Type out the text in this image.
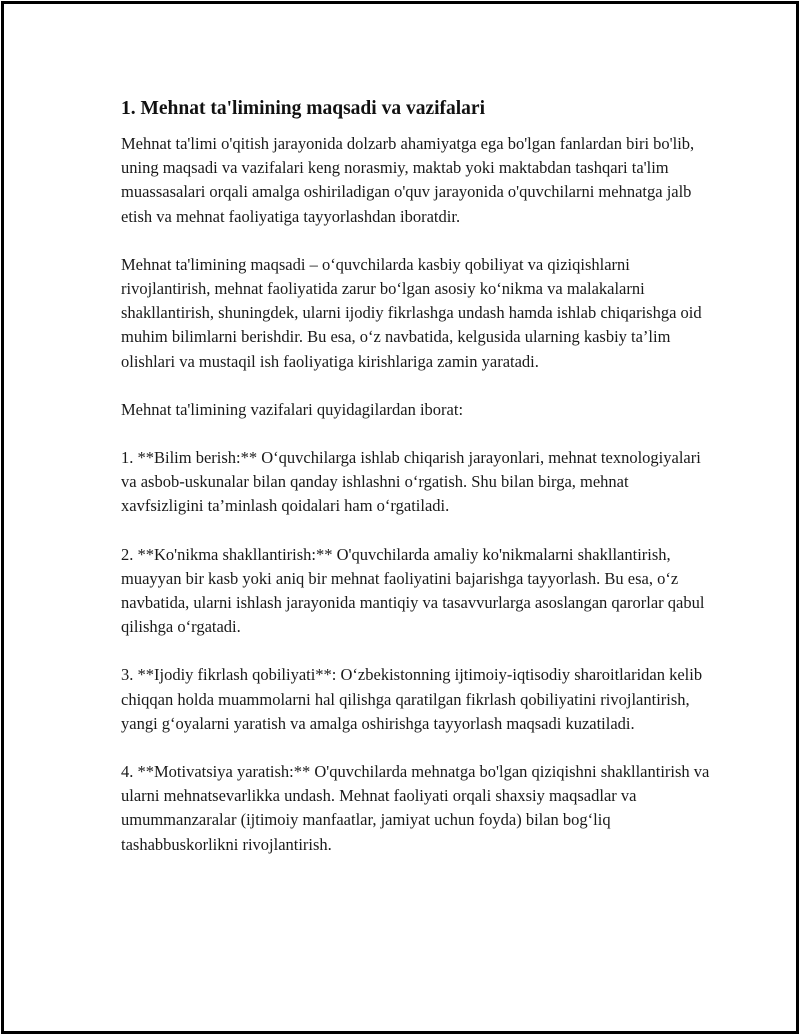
1. Mehnat ta'limining maqsadi va vazifalari

Mehnat ta'limi o'qitish jarayonida dolzarb ahamiyatga ega bo'lgan fanlardan biri bo'lib, uning maqsadi va vazifalari keng norasmiy, maktab yoki maktabdan tashqari ta'lim muassasalari orqali amalga oshiriladigan o'quv jarayonida o'quvchilarni mehnatga jalb etish va mehnat faoliyatiga tayyorlashdan iboratdir.

Mehnat ta'limining maqsadi – o‘quvchilarda kasbiy qobiliyat va qiziqishlarni rivojlantirish, mehnat faoliyatida zarur bo‘lgan asosiy ko‘nikma va malakalarni shakllantirish, shuningdek, ularni ijodiy fikrlashga undash hamda ishlab chiqarishga oid muhim bilimlarni berishdir. Bu esa, o‘z navbatida, kelgusida ularning kasbiy ta’lim olishlari va mustaqil ish faoliyatiga kirishlariga zamin yaratadi.

Mehnat ta'limining vazifalari quyidagilardan iborat:

1. **Bilim berish:** O‘quvchilarga ishlab chiqarish jarayonlari, mehnat texnologiyalari va asbob-uskunalar bilan qanday ishlashni o‘rgatish. Shu bilan birga, mehnat xavfsizligini ta’minlash qoidalari ham o‘rgatiladi.

2. **Ko'nikma shakllantirish:** O'quvchilarda amaliy ko'nikmalarni shakllantirish, muayyan bir kasb yoki aniq bir mehnat faoliyatini bajarishga tayyorlash. Bu esa, o‘z navbatida, ularni ishlash jarayonida mantiqiy va tasavvurlarga asoslangan qarorlar qabul qilishga o‘rgatadi.

3. **Ijodiy fikrlash qobiliyati**: O‘zbekistonning ijtimoiy-iqtisodiy sharoitlaridan kelib chiqqan holda muammolarni hal qilishga qaratilgan fikrlash qobiliyatini rivojlantirish, yangi g‘oyalarni yaratish va amalga oshirishga tayyorlash maqsadi kuzatiladi.

4. **Motivatsiya yaratish:** O'quvchilarda mehnatga bo'lgan qiziqishni shakllantirish va ularni mehnatsevarlikka undash. Mehnat faoliyati orqali shaxsiy maqsadlar va umummanzaralar (ijtimoiy manfaatlar, jamiyat uchun foyda) bilan bog‘liq tashabbuskorlikni rivojlantirish.
